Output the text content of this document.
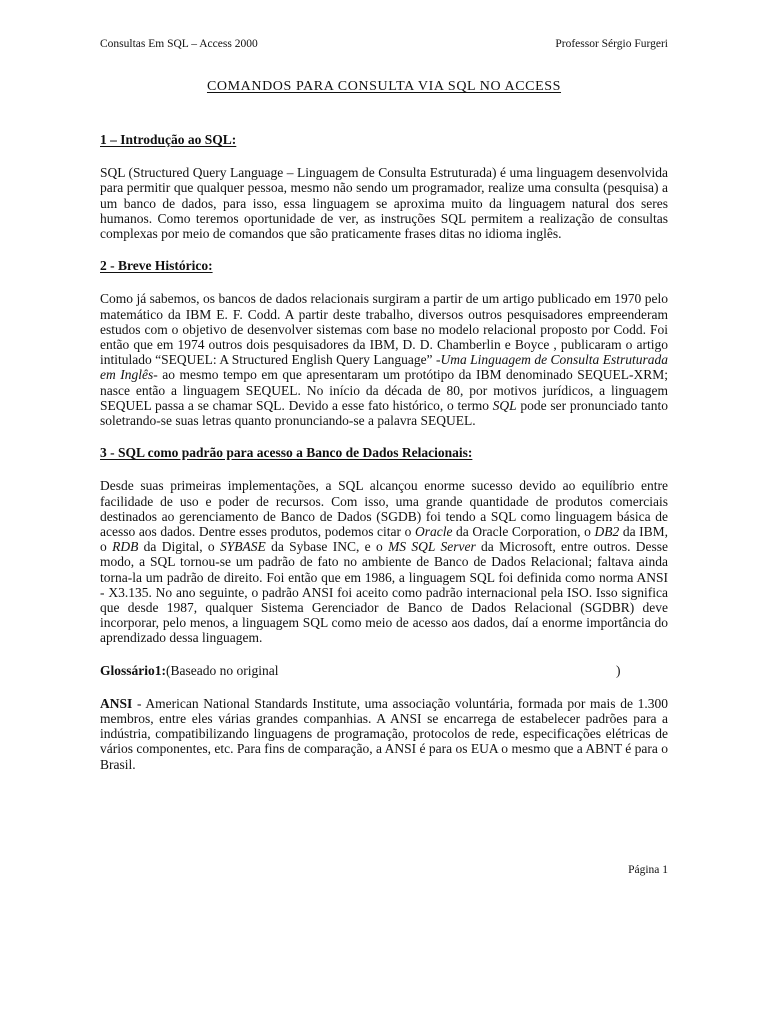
Consultas Em SQL – Access 2000	Professor Sérgio Furgeri
COMANDOS PARA CONSULTA VIA SQL NO ACCESS
1 – Introdução ao SQL:

SQL (Structured Query Language – Linguagem de Consulta Estruturada) é uma linguagem desenvolvida para permitir que qualquer pessoa, mesmo não sendo um programador, realize uma consulta (pesquisa) a um banco de dados, para isso, essa linguagem se aproxima muito da linguagem natural dos seres humanos. Como teremos oportunidade de ver, as instruções SQL permitem a realização de consultas complexas por meio de comandos que são praticamente frases ditas no idioma inglês.

2 - Breve Histórico:

Como já sabemos, os bancos de dados relacionais surgiram a partir de um artigo publicado em 1970 pelo matemático da IBM E. F. Codd. A partir deste trabalho, diversos outros pesquisadores empreenderam estudos com o objetivo de desenvolver sistemas com base no modelo relacional proposto por Codd. Foi então que em 1974 outros dois pesquisadores da IBM, D. D. Chamberlin e Boyce , publicaram o artigo intitulado “SEQUEL: A Structured English Query Language” -Uma Linguagem de Consulta Estruturada em Inglês- ao mesmo tempo em que apresentaram um protótipo da IBM denominado SEQUEL-XRM; nasce então a linguagem SEQUEL. No início da década de 80, por motivos jurídicos, a linguagem SEQUEL passa a se chamar SQL. Devido a esse fato histórico, o termo SQL pode ser pronunciado tanto soletrando-se suas letras quanto pronunciando-se a palavra SEQUEL.

3 - SQL como padrão para acesso a Banco de Dados Relacionais:

Desde suas primeiras implementações, a SQL alcançou enorme sucesso devido ao equilíbrio entre facilidade de uso e poder de recursos. Com isso, uma grande quantidade de produtos comerciais destinados ao gerenciamento de Banco de Dados (SGDB) foi tendo a SQL como linguagem básica de acesso aos dados. Dentre esses produtos, podemos citar o Oracle da Oracle Corporation, o DB2 da IBM, o RDB da Digital, o SYBASE da Sybase INC, e o MS SQL Server da Microsoft, entre outros. Desse modo, a SQL tornou-se um padrão de fato no ambiente de Banco de Dados Relacional; faltava ainda torna-la um padrão de direito. Foi então que em 1986, a linguagem SQL foi definida como norma ANSI - X3.135. No ano seguinte, o padrão ANSI foi aceito como padrão internacional pela ISO. Isso significa que desde 1987, qualquer Sistema Gerenciador de Banco de Dados Relacional (SGDBR) deve incorporar, pelo menos, a linguagem SQL como meio de acesso aos dados, daí a enorme importância do aprendizado dessa linguagem.

Glossário1:(Baseado no original	)

ANSI - American National Standards Institute, uma associação voluntária, formada por mais de 1.300 membros, entre eles várias grandes companhias. A ANSI se encarrega de estabelecer padrões para a indústria, compatibilizando linguagens de programação, protocolos de rede, especificações elétricas de vários componentes, etc. Para fins de comparação, a ANSI é para os EUA o mesmo que a ABNT é para o Brasil.

Página 1
